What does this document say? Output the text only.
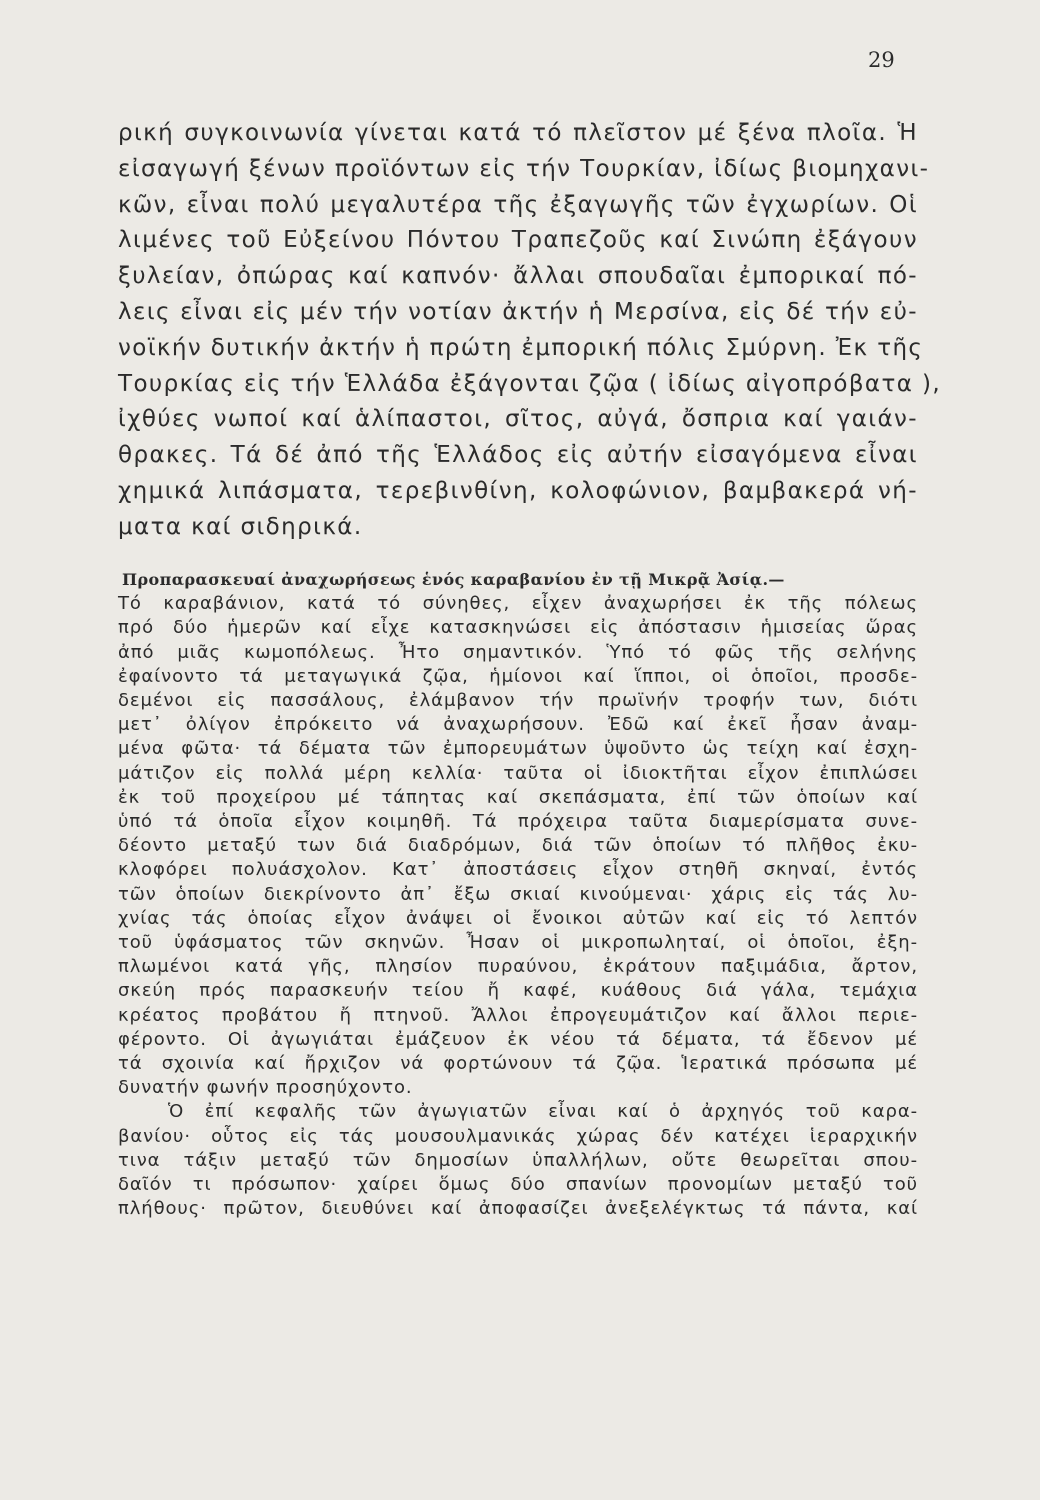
29
ρική συγκοινωνία γίνεται κατά τό πλεῖστον μέ ξένα πλοῖα. Ἡ
εἰσαγωγή ξένων προϊόντων εἰς τήν Τουρκίαν, ἰδίως βιομηχανι-
κῶν, εἶναι πολύ μεγαλυτέρα τῆς ἐξαγωγῆς τῶν ἐγχωρίων. Οἱ
λιμένες τοῦ Εὐξείνου Πόντου Τραπεζοῦς καί Σινώπη ἐξάγουν
ξυλείαν, ὀπώρας καί καπνόν· ἄλλαι σπουδαῖαι ἐμπορικαί πό-
λεις εἶναι εἰς μέν τήν νοτίαν ἀκτήν ἡ Μερσίνα, εἰς δέ τήν εὐ-
νοϊκήν δυτικήν ἀκτήν ἡ πρώτη ἐμπορική πόλις Σμύρνη. Ἐκ τῆς
Τουρκίας εἰς τήν Ἑλλάδα ἐξάγονται ζῷα ( ἰδίως αἰγοπρόβατα ),
ἰχθύες νωποί καί ἁλίπαστοι, σῖτος, αὐγά, ὄσπρια καί γαιάν-
θρακες. Τά δέ ἀπό τῆς Ἑλλάδος εἰς αὐτήν εἰσαγόμενα εἶναι
χημικά λιπάσματα, τερεβινθίνη, κολοφώνιον, βαμβακερά νή-
ματα καί σιδηρικά.
Προπαρασκευαί ἀναχωρήσεως ἑνός καραβανίου ἐν τῇ Μικρᾷ Ἀσίᾳ.—
Τό καραβάνιον, κατά τό σύνηθες, εἶχεν ἀναχωρήσει ἐκ τῆς πόλεως
πρό δύο ἡμερῶν καί εἶχε κατασκηνώσει εἰς ἀπόστασιν ἡμισείας ὥρας
ἀπό μιᾶς κωμοπόλεως. Ἦτο σημαντικόν. Ὑπό τό φῶς τῆς σελήνης
ἐφαίνοντο τά μεταγωγικά ζῷα, ἡμίονοι καί ἵπποι, οἱ ὁποῖοι, προσδε-
δεμένοι εἰς πασσάλους, ἐλάμβανον τήν πρωϊνήν τροφήν των, διότι
μετ᾿ ὀλίγον ἐπρόκειτο νά ἀναχωρήσουν. Ἐδῶ καί ἐκεῖ ἦσαν ἀναμ-
μένα φῶτα· τά δέματα τῶν ἐμπορευμάτων ὑψοῦντο ὡς τείχη καί ἐσχη-
μάτιζον εἰς πολλά μέρη κελλία· ταῦτα οἱ ἰδιοκτῆται εἶχον ἐπιπλώσει
ἐκ τοῦ προχείρου μέ τάπητας καί σκεπάσματα, ἐπί τῶν ὁποίων καί
ὑπό τά ὁποῖα εἶχον κοιμηθῆ. Τά πρόχειρα ταῦτα διαμερίσματα συνε-
δέοντο μεταξύ των διά διαδρόμων, διά τῶν ὁποίων τό πλῆθος ἐκυ-
κλοφόρει πολυάσχολον. Κατ᾿ ἀποστάσεις εἶχον στηθῆ σκηναί, ἐντός
τῶν ὁποίων διεκρίνοντο ἀπ᾿ ἔξω σκιαί κινούμεναι· χάρις εἰς τάς λυ-
χνίας τάς ὁποίας εἶχον ἀνάψει οἱ ἔνοικοι αὐτῶν καί εἰς τό λεπτόν
τοῦ ὑφάσματος τῶν σκηνῶν. Ἦσαν οἱ μικροπωληταί, οἱ ὁποῖοι, ἐξη-
πλωμένοι κατά γῆς, πλησίον πυραύνου, ἐκράτουν παξιμάδια, ἄρτον,
σκεύη πρός παρασκευήν τείου ἤ καφέ, κυάθους διά γάλα, τεμάχια
κρέατος προβάτου ἤ πτηνοῦ. Ἄλλοι ἐπρογευμάτιζον καί ἄλλοι περιε-
φέροντο. Οἱ ἀγωγιάται ἐμάζευον ἐκ νέου τά δέματα, τά ἔδενον μέ
τά σχοινία καί ἤρχιζον νά φορτώνουν τά ζῷα. Ἱερατικά πρόσωπα μέ
δυνατήν φωνήν προσηύχοντο.
Ὁ ἐπί κεφαλῆς τῶν ἀγωγιατῶν εἶναι καί ὁ ἀρχηγός τοῦ καρα-
βανίου· οὗτος εἰς τάς μουσουλμανικάς χώρας δέν κατέχει ἱεραρχικήν
τινα τάξιν μεταξύ τῶν δημοσίων ὑπαλλήλων, οὔτε θεωρεῖται σπου-
δαῖόν τι πρόσωπον· χαίρει ὅμως δύο σπανίων προνομίων μεταξύ τοῦ
πλήθους· πρῶτον, διευθύνει καί ἀποφασίζει ἀνεξελέγκτως τά πάντα, καί
